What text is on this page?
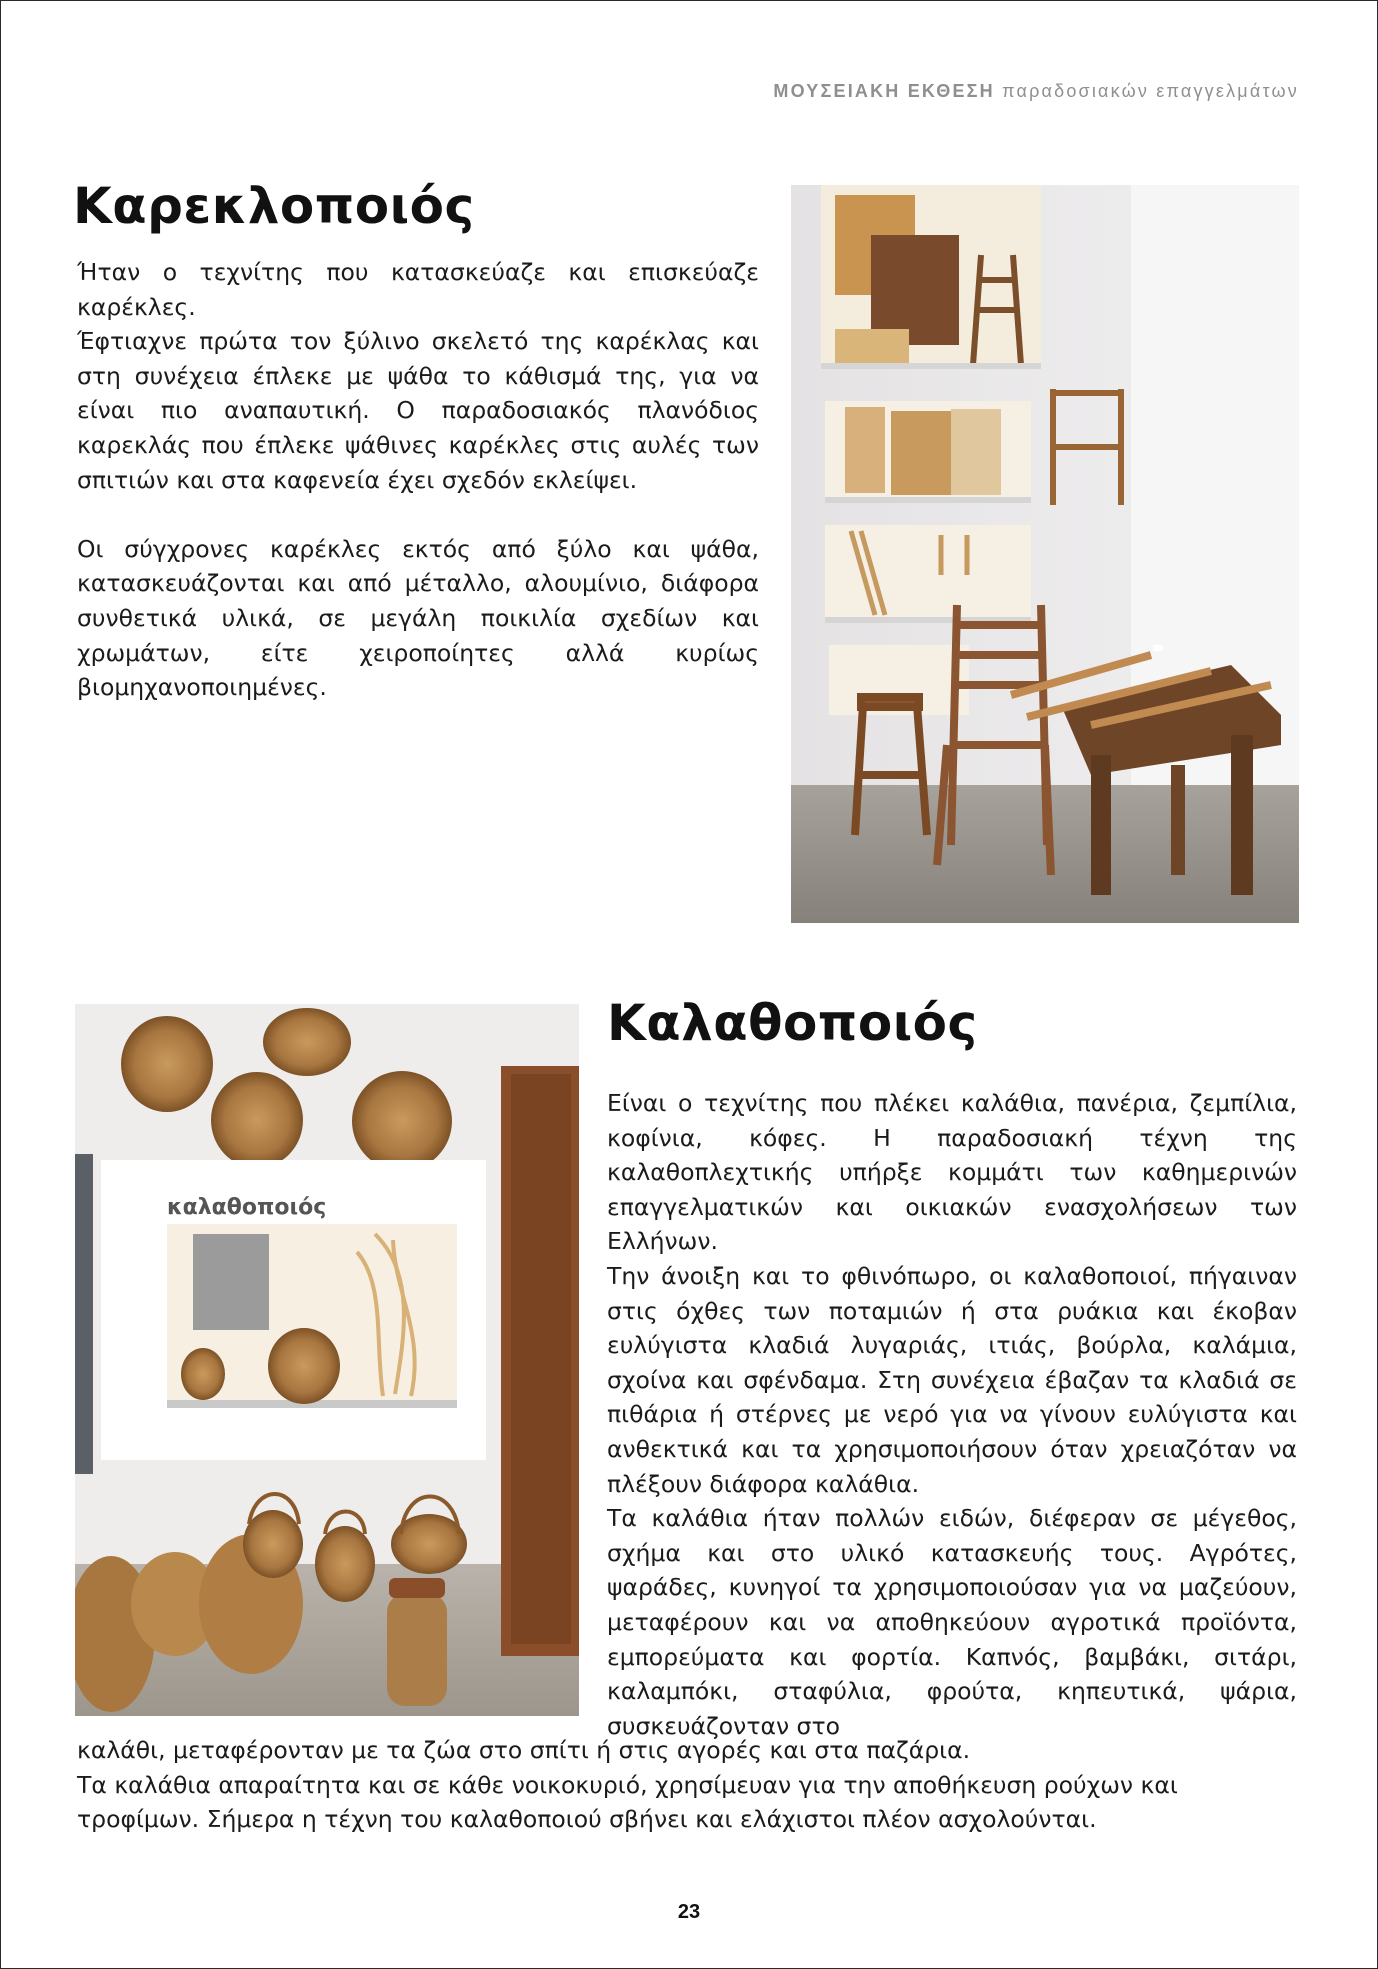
ΜΟΥΣΕΙΑΚΗ ΕΚΘΕΣΗ παραδοσιακών επαγγελμάτων
Καρεκλοποιός

Ήταν ο τεχνίτης που κατασκεύαζε και επισκεύαζε καρέκλες.

Έφτιαχνε πρώτα τον ξύλινο σκελετό της καρέκλας και στη συνέχεια έπλεκε με ψάθα το κάθισμά της, για να είναι πιο αναπαυτική. Ο παραδοσιακός πλανόδιος καρεκλάς που έπλεκε ψάθινες καρέκλες στις αυλές των σπιτιών και στα καφενεία έχει σχεδόν εκλείψει.

Οι σύγχρονες καρέκλες εκτός από ξύλο και ψάθα, κατασκευάζονται και από μέταλλο, αλουμίνιο, διάφορα συνθετικά υλικά, σε μεγάλη ποικιλία σχεδίων και χρωμάτων, είτε χειροποίητες αλλά κυρίως βιομηχανοποιημένες.

καλαθοποιός
Καλαθοποιός

Είναι ο τεχνίτης που πλέκει καλάθια, πανέρια, ζεμπίλια, κοφίνια, κόφες. Η παραδοσιακή τέχνη της καλαθοπλεχτικής υπήρξε κομμάτι των καθημερινών επαγγελματικών και οικιακών ενασχολήσεων των Ελλήνων.

Την άνοιξη και το φθινόπωρο, οι καλαθοποιοί, πήγαιναν στις όχθες των ποταμιών ή στα ρυάκια και έκοβαν ευλύγιστα κλαδιά λυγαριάς, ιτιάς, βούρλα, καλάμια, σχοίνα και σφένδαμα. Στη συνέχεια έβαζαν τα κλαδιά σε πιθάρια ή στέρνες με νερό για να γίνουν ευλύγιστα και ανθεκτικά και τα χρησιμοποιήσουν όταν χρειαζόταν να πλέξουν διάφορα καλάθια.

Τα καλάθια ήταν πολλών ειδών, διέφεραν σε μέγεθος, σχήμα και στο υλικό κατασκευής τους. Αγρότες, ψαράδες, κυνηγοί τα χρησιμοποιούσαν για να μαζεύουν, μεταφέρουν και να αποθηκεύουν αγροτικά προϊόντα, εμπορεύματα και φορτία. Καπνός, βαμβάκι, σιτάρι, καλαμπόκι, σταφύλια, φρούτα, κηπευτικά, ψάρια, συσκευάζονταν στο

καλάθι, μεταφέρονταν με τα ζώα στο σπίτι ή στις αγορές και στα παζάρια.

Τα καλάθια απαραίτητα και σε κάθε νοικοκυριό, χρησίμευαν για την αποθήκευση ρούχων και τροφίμων. Σήμερα η τέχνη του καλαθοποιού σβήνει και ελάχιστοι πλέον ασχολούνται.

23
